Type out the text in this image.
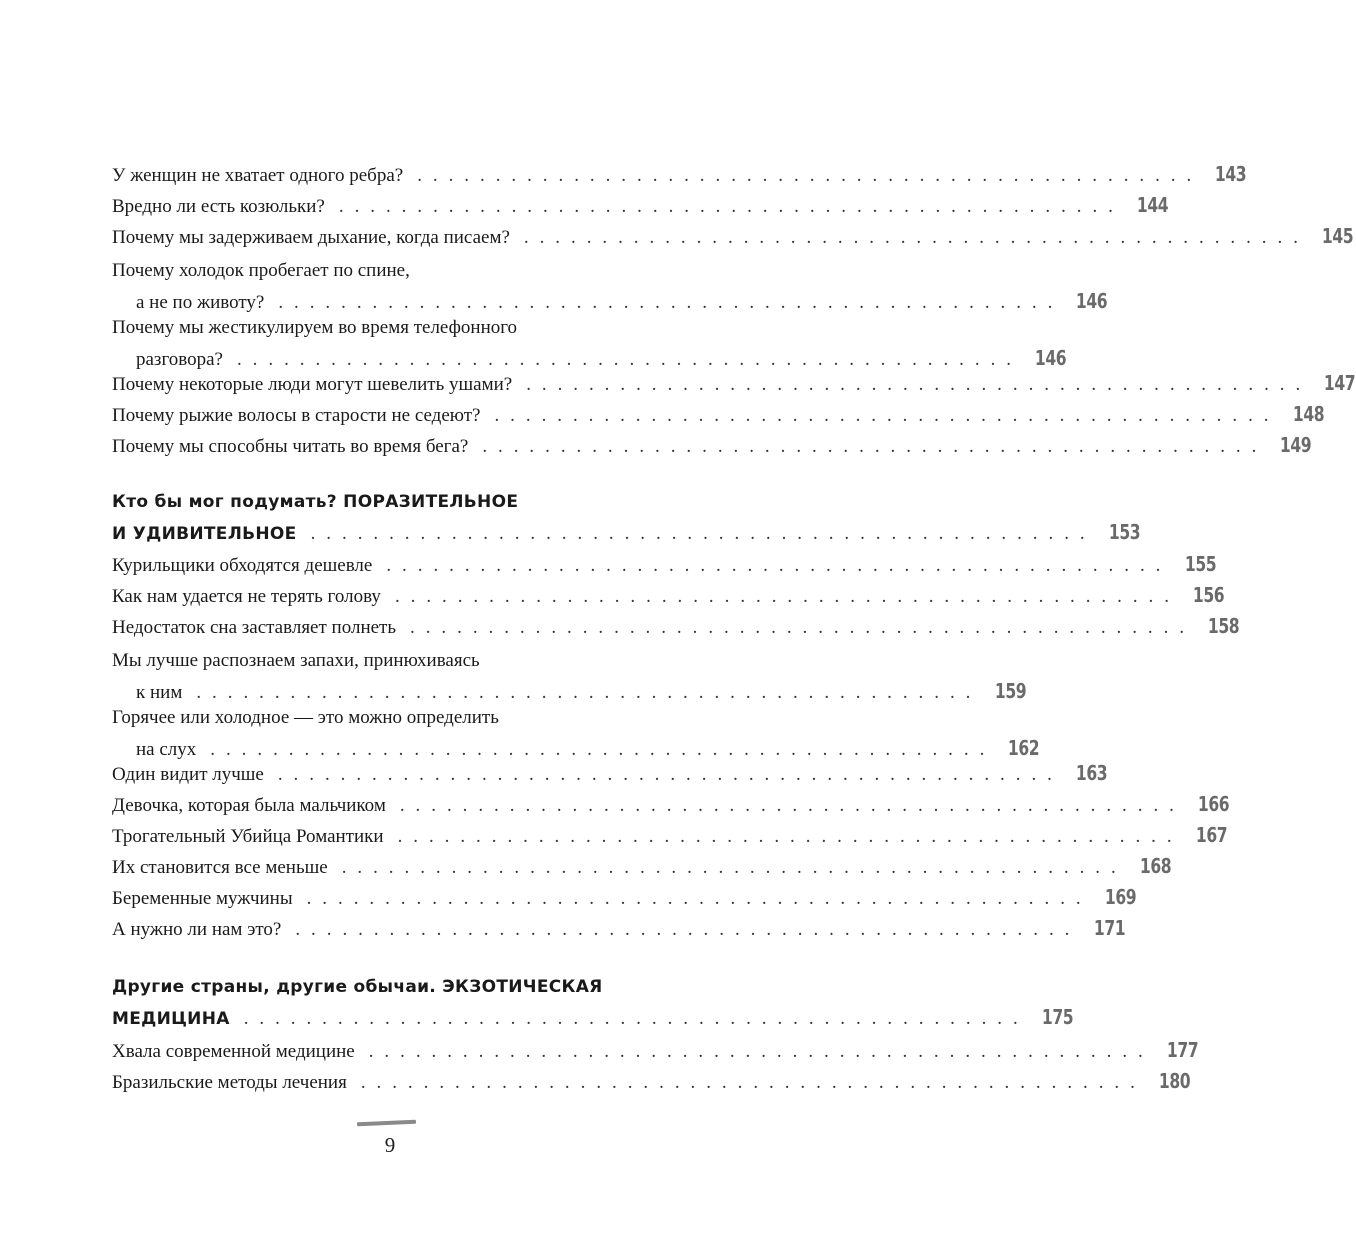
У женщин не хватает одного ребра? . . . . . . . . . . . . . . . . . . . . . . . . . . . . . . . . . . . . . . . . . . . . . . . . . . 143
Вредно ли есть козюльки? . . . . . . . . . . . . . . . . . . . . . . . . . . . . . . . . . . . . . . . . . . . . . . . . . . 144
Почему мы задерживаем дыхание, когда писаем? . . . . . . . . . . . . . . . . . . . . . . . . . . . . . . . . . . . . . . . . . . . . . . . . . . 145
Почему холодок пробегает по спине,
а не по животу? . . . . . . . . . . . . . . . . . . . . . . . . . . . . . . . . . . . . . . . . . . . . . . . . . . 146
Почему мы жестикулируем во время телефонного
разговора? . . . . . . . . . . . . . . . . . . . . . . . . . . . . . . . . . . . . . . . . . . . . . . . . . . 146
Почему некоторые люди могут шевелить ушами? . . . . . . . . . . . . . . . . . . . . . . . . . . . . . . . . . . . . . . . . . . . . . . . . . . 147
Почему рыжие волосы в старости не седеют? . . . . . . . . . . . . . . . . . . . . . . . . . . . . . . . . . . . . . . . . . . . . . . . . . . 148
Почему мы способны читать во время бега? . . . . . . . . . . . . . . . . . . . . . . . . . . . . . . . . . . . . . . . . . . . . . . . . . . 149
Кто бы мог подумать? ПОРАЗИТЕЛЬНОЕ
И УДИВИТЕЛЬНОЕ . . . . . . . . . . . . . . . . . . . . . . . . . . . . . . . . . . . . . . . . . . . . . . . . . . 153
Курильщики обходятся дешевле . . . . . . . . . . . . . . . . . . . . . . . . . . . . . . . . . . . . . . . . . . . . . . . . . . 155
Как нам удается не терять голову . . . . . . . . . . . . . . . . . . . . . . . . . . . . . . . . . . . . . . . . . . . . . . . . . . 156
Недостаток сна заставляет полнеть . . . . . . . . . . . . . . . . . . . . . . . . . . . . . . . . . . . . . . . . . . . . . . . . . . 158
Мы лучше распознаем запахи, принюхиваясь
к ним . . . . . . . . . . . . . . . . . . . . . . . . . . . . . . . . . . . . . . . . . . . . . . . . . . 159
Горячее или холодное — это можно определить
на слух . . . . . . . . . . . . . . . . . . . . . . . . . . . . . . . . . . . . . . . . . . . . . . . . . . 162
Один видит лучше . . . . . . . . . . . . . . . . . . . . . . . . . . . . . . . . . . . . . . . . . . . . . . . . . . 163
Девочка, которая была мальчиком . . . . . . . . . . . . . . . . . . . . . . . . . . . . . . . . . . . . . . . . . . . . . . . . . . 166
Трогательный Убийца Романтики . . . . . . . . . . . . . . . . . . . . . . . . . . . . . . . . . . . . . . . . . . . . . . . . . . 167
Их становится все меньше . . . . . . . . . . . . . . . . . . . . . . . . . . . . . . . . . . . . . . . . . . . . . . . . . . 168
Беременные мужчины . . . . . . . . . . . . . . . . . . . . . . . . . . . . . . . . . . . . . . . . . . . . . . . . . . 169
А нужно ли нам это? . . . . . . . . . . . . . . . . . . . . . . . . . . . . . . . . . . . . . . . . . . . . . . . . . . 171
Другие страны, другие обычаи. ЭКЗОТИЧЕСКАЯ
МЕДИЦИНА . . . . . . . . . . . . . . . . . . . . . . . . . . . . . . . . . . . . . . . . . . . . . . . . . . 175
Хвала современной медицине . . . . . . . . . . . . . . . . . . . . . . . . . . . . . . . . . . . . . . . . . . . . . . . . . . 177
Бразильские методы лечения . . . . . . . . . . . . . . . . . . . . . . . . . . . . . . . . . . . . . . . . . . . . . . . . . . 180
9
